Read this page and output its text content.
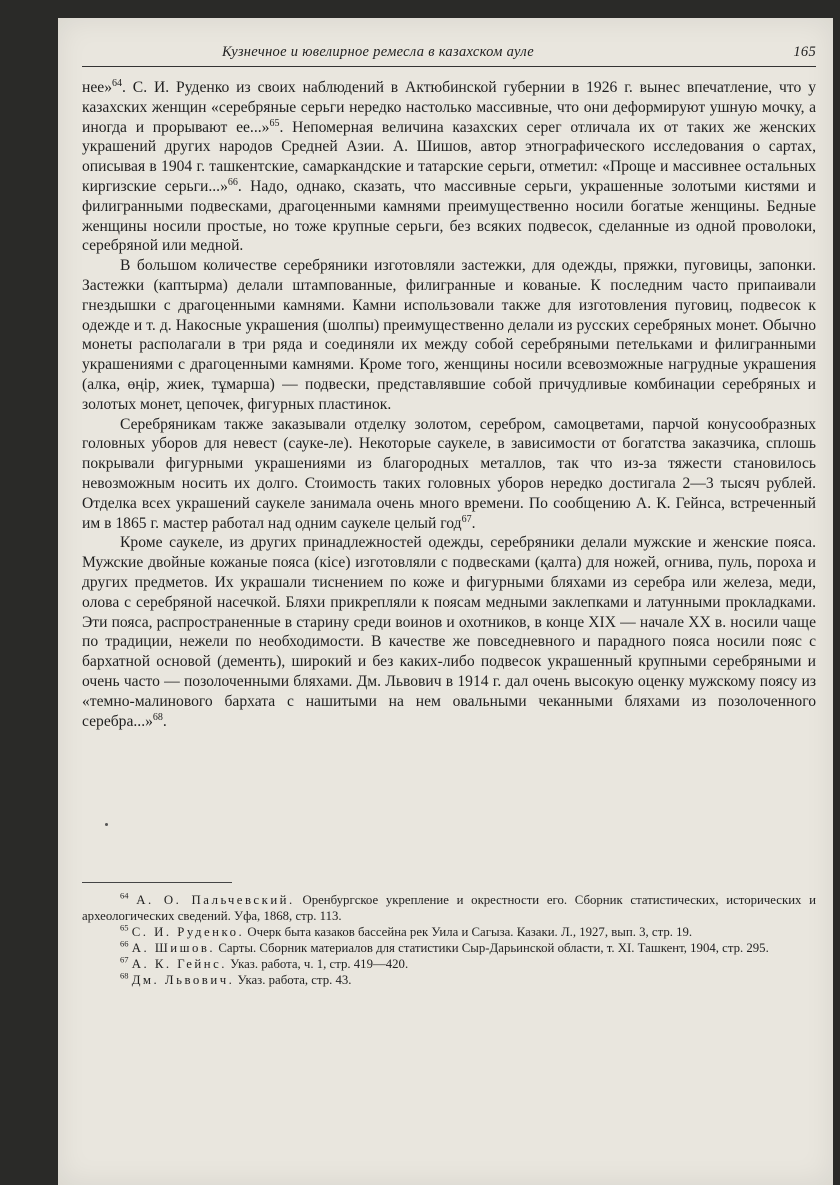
Кузнечное и ювелирное ремесла в казахском ауле	165

нее»$^{64}$. С. И. Руденко из своих наблюдений в Актюбинской губернии в 1926 г. вынес впечатление, что у казахских женщин «серебряные серьги нередко настолько массивные, что они деформируют ушную мочку, а иногда и прорывают ее...»$^{65}$. Непомерная величина казахских серег отличала их от таких же женских украшений других народов Средней Азии. А. Шишов, автор этнографического исследования о сартах, описывая в 1904 г. ташкентские, самаркандские и татарские серьги, отметил: «Проще и массивнее остальных киргизские серьги...»$^{66}$. Надо, однако, сказать, что массивные серьги, украшенные золотыми кистями и филигранными подвесками, драгоценными камнями преимущественно носили богатые женщины. Бедные женщины носили простые, но тоже крупные серьги, без всяких подвесок, сделанные из одной проволоки, серебряной или медной.

В большом количестве серебряники изготовляли застежки, для одежды, пряжки, пуговицы, запонки. Застежки (каптырма) делали штампованные, филигранные и кованые. К последним часто припаивали гнездышки с драгоценными камнями. Камни использовали также для изготовления пуговиц, подвесок к одежде и т. д. Накосные украшения (шолпы) преимущественно делали из русских серебряных монет. Обычно монеты располагали в три ряда и соединяли их между собой серебряными петельками и филигранными украшениями с драгоценными камнями. Кроме того, женщины носили всевозможные нагрудные украшения (алка, өңір, жиек, тұмарша) — подвески, представлявшие собой причудливые комбинации серебряных и золотых монет, цепочек, фигурных пластинок.

Серебряникам также заказывали отделку золотом, серебром, самоцветами, парчой конусообразных головных уборов для невест (сауке-ле). Некоторые саукеле, в зависимости от богатства заказчика, сплошь покрывали фигурными украшениями из благородных металлов, так что из-за тяжести становилось невозможным носить их долго. Стоимость таких головных уборов нередко достигала 2—3 тысяч рублей. Отделка всех украшений саукеле занимала очень много времени. По сообщению А. К. Гейнса, встреченный им в 1865 г. мастер работал над одним саукеле целый год$^{67}$.

Кроме саукеле, из других принадлежностей одежды, серебряники делали мужские и женские пояса. Мужские двойные кожаные пояса (кісе) изготовляли с подвесками (қалта) для ножей, огнива, пуль, пороха и других предметов. Их украшали тиснением по коже и фигурными бляхами из серебра или железа, меди, олова с серебряной насечкой. Бляхи прикрепляли к поясам медными заклепками и латунными прокладками. Эти пояса, распространенные в старину среди воинов и охотников, в конце XIX — начале XX в. носили чаще по традиции, нежели по необходимости. В качестве же повседневного и парадного пояса носили пояс с бархатной основой (дементь), широкий и без каких-либо подвесок украшенный крупными серебряными и очень часто — позолоченными бляхами. Дм. Львович в 1914 г. дал очень высокую оценку мужскому поясу из «темно-малинового бархата с нашитыми на нем овальными чеканными бляхами из позолоченного серебра...»$^{68}$.

$^{64}$ А. О. Пальчевский. Оренбургское укрепление и окрестности его. Сборник статистических, исторических и археологических сведений. Уфа, 1868, стр. 113.

$^{65}$ С. И. Руденко. Очерк быта казаков бассейна рек Уила и Сагыза. Казаки. Л., 1927, вып. 3, стр. 19.

$^{66}$ А. Шишов. Сарты. Сборник материалов для статистики Сыр-Дарьинской области, т. XI. Ташкент, 1904, стр. 295.

$^{67}$ А. К. Гейнс. Указ. работа, ч. 1, стр. 419—420.

$^{68}$ Дм. Львович. Указ. работа, стр. 43.
